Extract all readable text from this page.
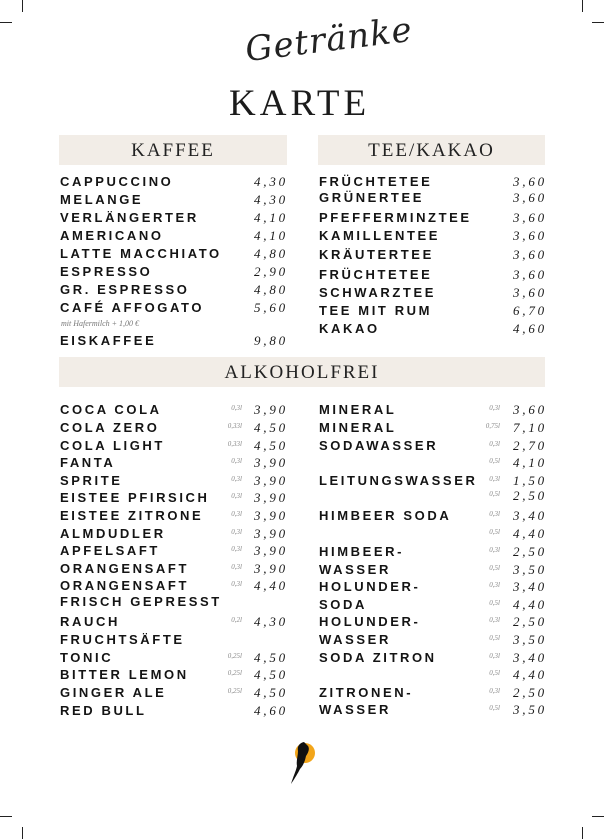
Getränke
KARTE
KAFFEE	TEE/KAKAO
ALKOHOLFREI
mit Hafermilch + 1,00 €
CAPPUCCINO	4,30
MELANGE	4,30
VERLÄNGERTER	4,10
AMERICANO	4,10
LATTE MACCHIATO 4,80
ESPRESSO	2,90
GR. ESPRESSO	4,80
CAFÉ AFFOGATO	5,60
EISKAFFEE	9,80
FRÜCHTETEE	3,60
GRÜNERTEE	3,60
PFEFFERMINZTEE	3,60
KAMILLENTEE	3,60
KRÄUTERTEE	3,60
FRÜCHTETEE	3,60
SCHWARZTEE	3,60
TEE MIT RUM	6,70
KAKAO	4,60
COCA COLA	0,3l 3,90
COLA ZERO	0,33l 4,50
COLA LIGHT	0,33l 4,50
FANTA	0,3l 3,90
SPRITE	0,3l 3,90
EISTEE PFIRSICH	0,3l 3,90
EISTEE ZITRONE	0,3l 3,90
ALMDUDLER	0,3l 3,90
APFELSAFT	0,3l 3,90
ORANGENSAFT	0,3l 3,90
ORANGENSAFT	0,3l 4,40
FRISCH GEPRESST
RAUCH	0,2l 4,30
FRUCHTSÄFTE
TONIC	0,25l 4,50
BITTER LEMON	0,25l 4,50
GINGER ALE	0,25l 4,50
RED BULL	4,60
MINERAL	0,3l 3,60
MINERAL	0,75l 7,10
SODAWASSER	0,3l 2,70
0,5l 4,10
LEITUNGSWASSER	0,3l 1,50
0,5l 2,50
HIMBEER SODA	0,3l 3,40
0,5l 4,40
HIMBEER-	0,3l 2,50
WASSER	0,5l 3,50
HOLUNDER-	0,3l 3,40
SODA	0,5l 4,40
HOLUNDER-	0,3l 2,50
WASSER	0,5l 3,50
SODA ZITRON	0,3l 3,40
0,5l 4,40
ZITRONEN-	0,3l 2,50
WASSER	0,5l 3,50
